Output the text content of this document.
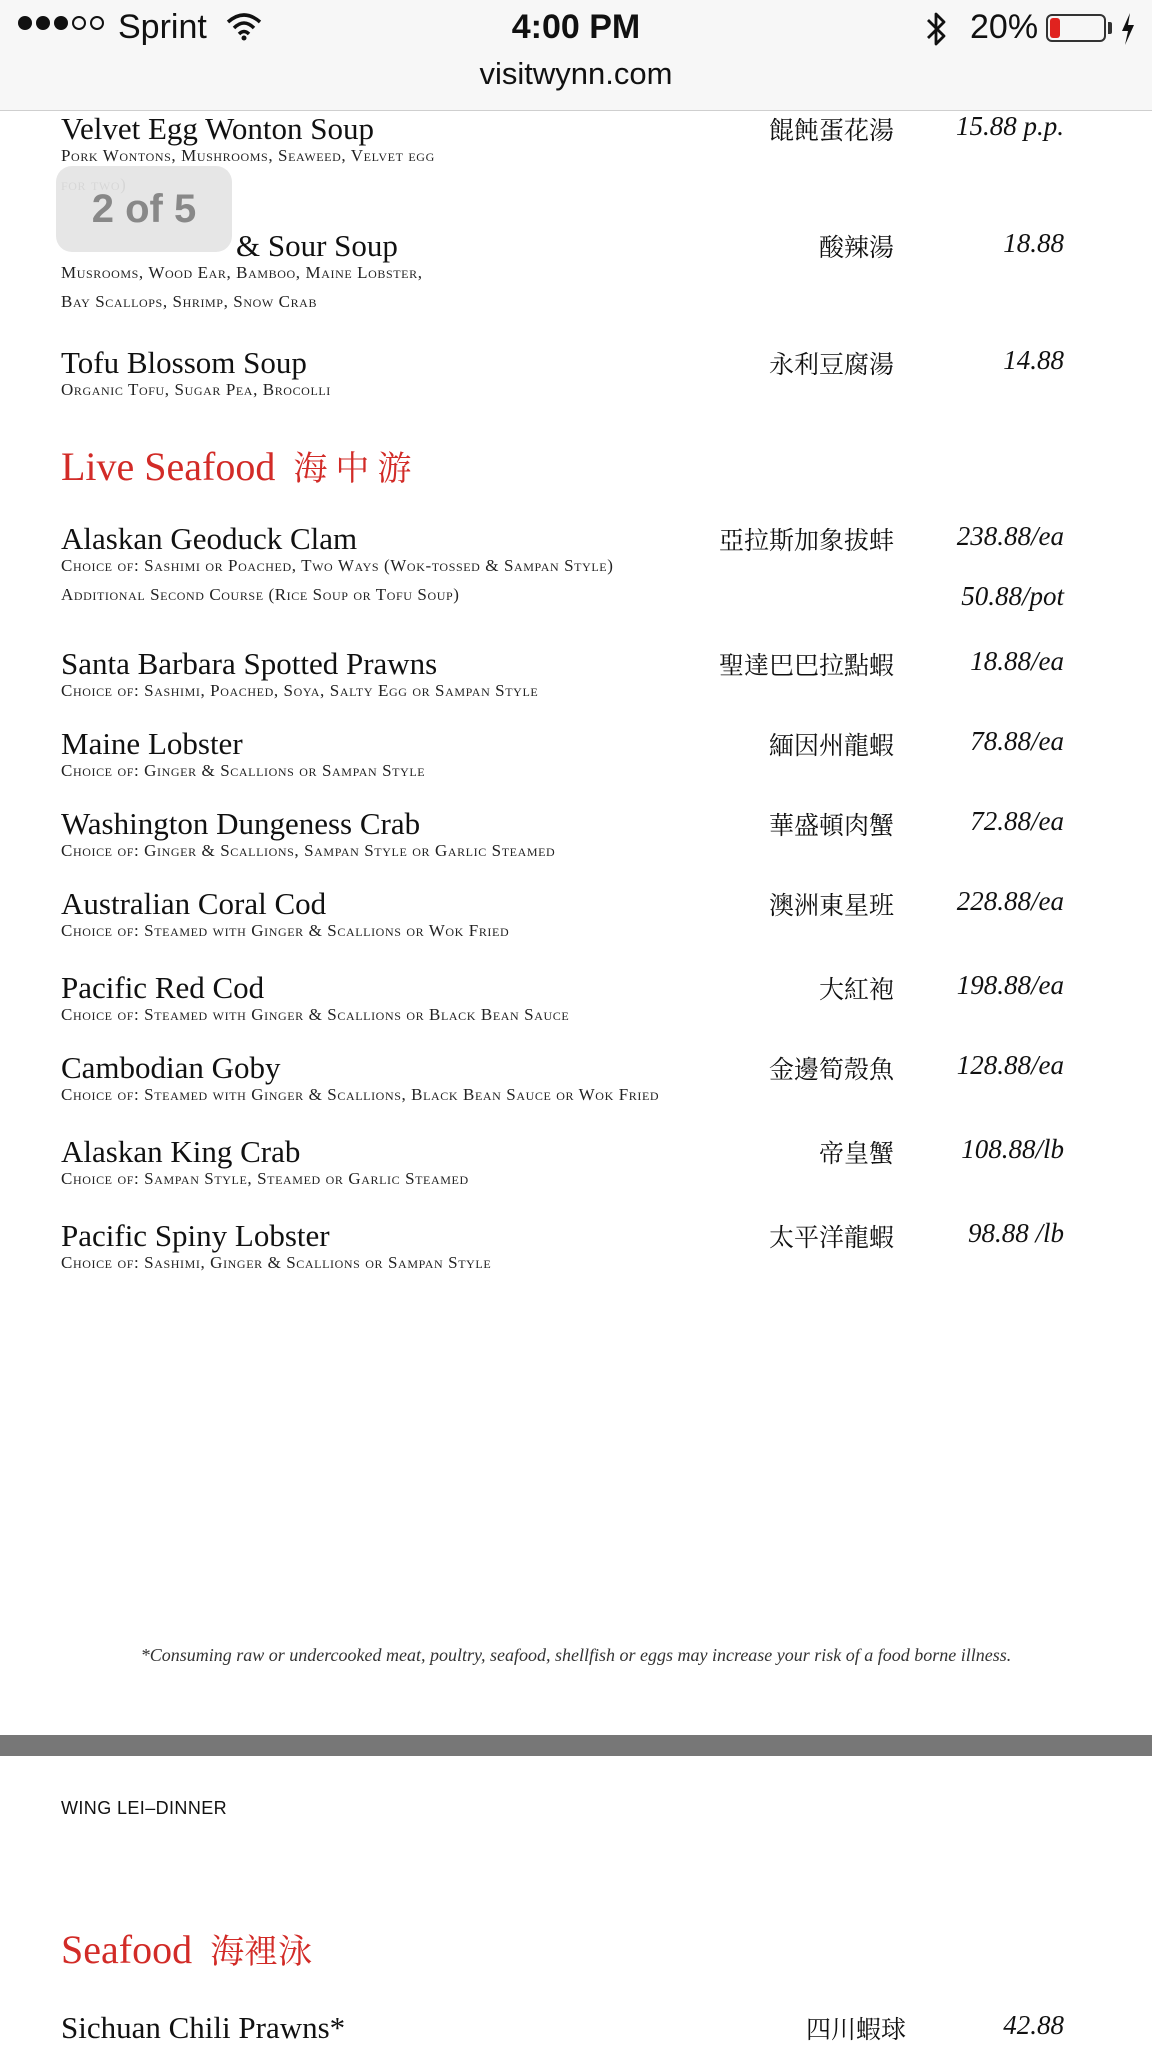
Sprint	4:00 PM
visitwynn.com
20%
Velvet Egg Wonton Soup	餛飩蛋花湯 15.88 p.p.
Pork Wontons, Mushrooms, Seaweed, Velvet egg

& Sour Soup	酸辣湯	18.88
Musrooms, Wood Ear, Bamboo, Maine Lobster,
Bay Scallops, Shrimp, Snow Crab
Tofu Blossom Soup	永利豆腐湯	14.88
Organic Tofu, Sugar Pea, Brocolli
Live Seafood 海中游
Alaskan Geoduck Clam	亞拉斯加象拔蚌 238.88/ea
Choice of: Sashimi or Poached, Two Ways (Wok-tossed & Sampan Style)
Additional Second Course (Rice Soup or Tofu Soup)	50.88/pot
Santa Barbara Spotted Prawns	聖達巴巴拉點蝦	18.88/ea
Choice of: Sashimi, Poached, Soya, Salty Egg or Sampan Style
Maine Lobster	緬因州龍蝦	78.88/ea
Choice of: Ginger & Scallions or Sampan Style
Washington Dungeness Crab	華盛頓肉蟹	72.88/ea
Choice of: Ginger & Scallions, Sampan Style or Garlic Steamed
Australian Coral Cod	澳洲東星班 228.88/ea
Choice of: Steamed with Ginger & Scallions or Wok Fried
Pacific Red Cod	大紅袍 198.88/ea
Choice of: Steamed with Ginger & Scallions or Black Bean Sauce
Cambodian Goby	金邊筍殼魚 128.88/ea
Choice of: Steamed with Ginger & Scallions, Black Bean Sauce or Wok Fried
Alaskan King Crab	帝皇蟹 108.88/lb
Choice of: Sampan Style, Steamed or Garlic Steamed
Pacific Spiny Lobster	太平洋龍蝦	98.88 /lb
Choice of: Sashimi, Ginger & Scallions or Sampan Style
*Consuming raw or undercooked meat, poultry, seafood, shellfish or eggs may increase your risk of a food borne illness.
WING LEI–DINNER
Seafood 海裡泳
Sichuan Chili Prawns*	四川蝦球	42.88
2 of 5
